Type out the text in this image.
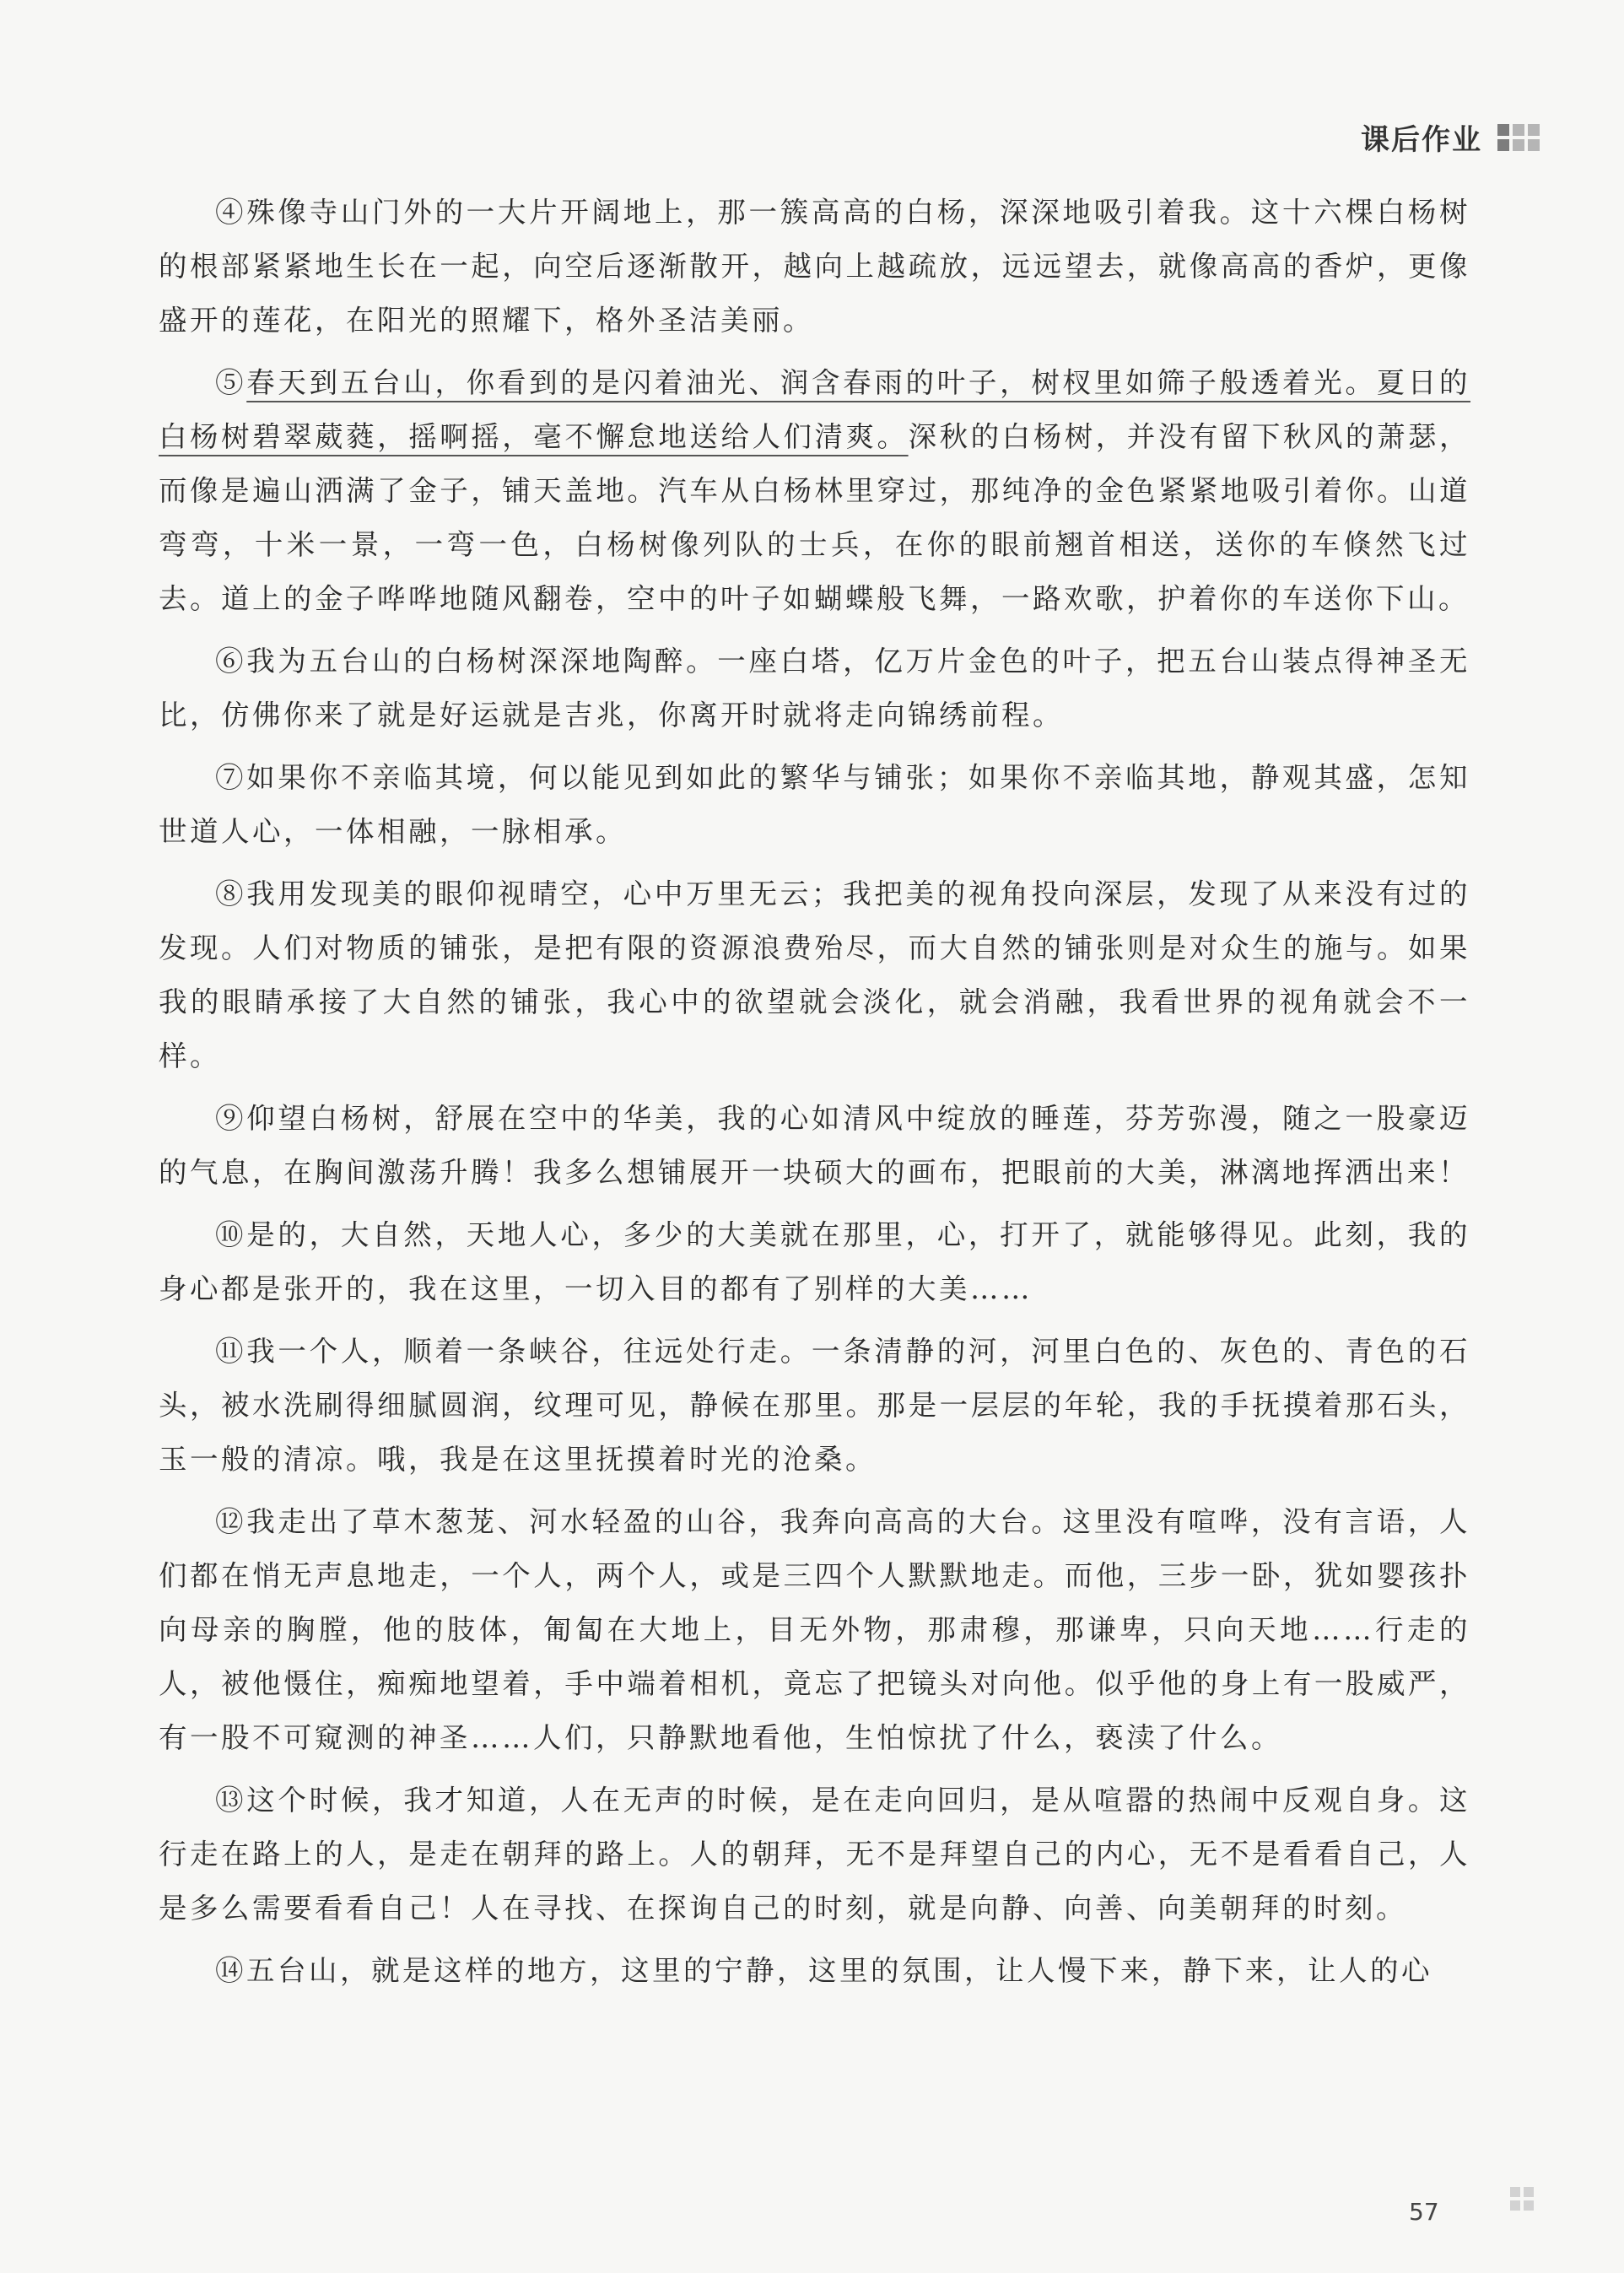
课后作业

④殊像寺山门外的一大片开阔地上，那一簇高高的白杨，深深地吸引着我。这十六棵白杨树的根部紧紧地生长在一起，向空后逐渐散开，越向上越疏放，远远望去，就像高高的香炉，更像盛开的莲花，在阳光的照耀下，格外圣洁美丽。

⑤春天到五台山，你看到的是闪着油光、润含春雨的叶子，树杈里如筛子般透着光。夏日的白杨树碧翠葳蕤，摇啊摇，毫不懈怠地送给人们清爽。深秋的白杨树，并没有留下秋风的萧瑟，而像是遍山洒满了金子，铺天盖地。汽车从白杨林里穿过，那纯净的金色紧紧地吸引着你。山道弯弯，十米一景，一弯一色，白杨树像列队的士兵，在你的眼前翘首相送，送你的车倏然飞过去。道上的金子哗哗地随风翻卷，空中的叶子如蝴蝶般飞舞，一路欢歌，护着你的车送你下山。

⑥我为五台山的白杨树深深地陶醉。一座白塔，亿万片金色的叶子，把五台山装点得神圣无比，仿佛你来了就是好运就是吉兆，你离开时就将走向锦绣前程。

⑦如果你不亲临其境，何以能见到如此的繁华与铺张；如果你不亲临其地，静观其盛，怎知世道人心，一体相融，一脉相承。

⑧我用发现美的眼仰视晴空，心中万里无云；我把美的视角投向深层，发现了从来没有过的发现。人们对物质的铺张，是把有限的资源浪费殆尽，而大自然的铺张则是对众生的施与。如果我的眼睛承接了大自然的铺张，我心中的欲望就会淡化，就会消融，我看世界的视角就会不一样。

⑨仰望白杨树，舒展在空中的华美，我的心如清风中绽放的睡莲，芬芳弥漫，随之一股豪迈的气息，在胸间激荡升腾！我多么想铺展开一块硕大的画布，把眼前的大美，淋漓地挥洒出来！

⑩是的，大自然，天地人心，多少的大美就在那里，心，打开了，就能够得见。此刻，我的身心都是张开的，我在这里，一切入目的都有了别样的大美……

⑪我一个人，顺着一条峡谷，往远处行走。一条清静的河，河里白色的、灰色的、青色的石头，被水洗刷得细腻圆润，纹理可见，静候在那里。那是一层层的年轮，我的手抚摸着那石头，玉一般的清凉。哦，我是在这里抚摸着时光的沧桑。

⑫我走出了草木葱茏、河水轻盈的山谷，我奔向高高的大台。这里没有喧哗，没有言语，人们都在悄无声息地走，一个人，两个人，或是三四个人默默地走。而他，三步一卧，犹如婴孩扑向母亲的胸膛，他的肢体，匍匐在大地上，目无外物，那肃穆，那谦卑，只向天地……行走的人，被他慑住，痴痴地望着，手中端着相机，竟忘了把镜头对向他。似乎他的身上有一股威严，有一股不可窥测的神圣……人们，只静默地看他，生怕惊扰了什么，亵渎了什么。

⑬这个时候，我才知道，人在无声的时候，是在走向回归，是从喧嚣的热闹中反观自身。这行走在路上的人，是走在朝拜的路上。人的朝拜，无不是拜望自己的内心，无不是看看自己，人是多么需要看看自己！人在寻找、在探询自己的时刻，就是向静、向善、向美朝拜的时刻。

⑭五台山，就是这样的地方，这里的宁静，这里的氛围，让人慢下来，静下来，让人的心

57
